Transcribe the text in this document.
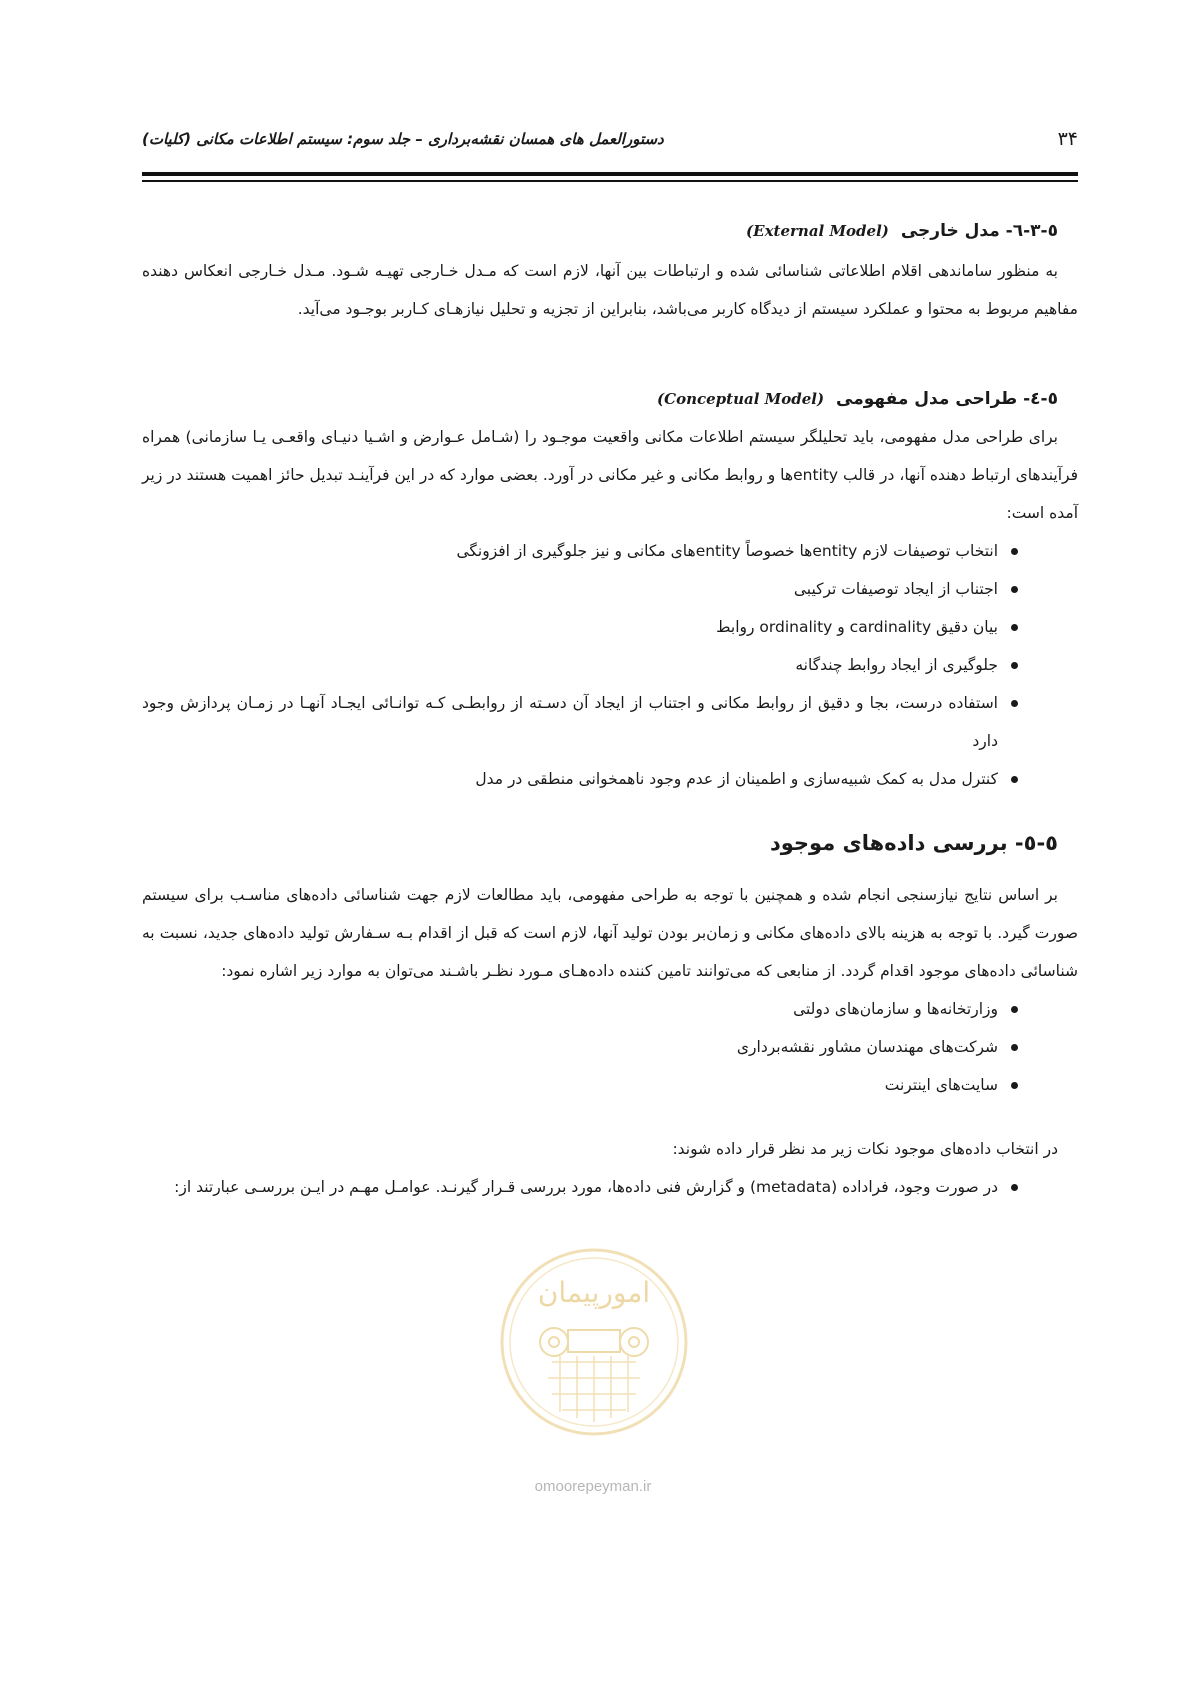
۳۴
دستورالعمل های همسان نقشه‌برداری – جلد سوم: سیستم اطلاعات مکانی (کلیات)
٥-٣-٦- مدل خارجی (External Model)

به منظور ساماندهی اقلام اطلاعاتی شناسائی شده و ارتباطات بین آنها، لازم است که مـدل خـارجی تهیـه شـود. مـدل خـارجی انعکاس دهنده مفاهیم مربوط به محتوا و عملکرد سیستم از دیدگاه کاربر می‌باشد، بنابراین از تجزیه و تحلیل نیازهـای کـاربر بوجـود می‌آید.

٥-٤- طراحی مدل مفهومی (Conceptual Model)

برای طراحی مدل مفهومی، باید تحلیلگر سیستم اطلاعات مکانی واقعیت موجـود را (شـامل عـوارض و اشـیا دنیـای واقعـی یـا سازمانی) همراه فرآیندهای ارتباط دهنده آنها، در قالب entityها و روابط مکانی و غیر مکانی در آورد. بعضی موارد که در این فرآینـد تبدیل حائز اهمیت هستند در زیر آمده است:

انتخاب توصیفات لازم entityها خصوصاً entityهای مکانی و نیز جلوگیری از افزونگی
اجتناب از ایجاد توصیفات ترکیبی
بیان دقیق cardinality و ordinality روابط
جلوگیری از ایجاد روابط چندگانه
استفاده درست، بجا و دقیق از روابط مکانی و اجتناب از ایجاد آن دسـته از روابطـی کـه توانـائی ایجـاد آنهـا در زمـان پردازش وجود دارد
کنترل مدل به کمک شبیه‌سازی و اطمینان از عدم وجود ناهمخوانی منطقی در مدل
٥-٥- بررسی داده‌های موجود

بر اساس نتایج نیازسنجی انجام شده و همچنین با توجه به طراحی مفهومی، باید مطالعات لازم جهت شناسائی داده‌های مناسـب برای سیستم صورت گیرد. با توجه به هزینه بالای داده‌های مکانی و زمان‌بر بودن تولید آنها، لازم است که قبل از اقدام بـه سـفارش تولید داده‌های جدید، نسبت به شناسائی داده‌های موجود اقدام گردد. از منابعی که می‌توانند تامین کننده داده‌هـای مـورد نظـر باشـند می‌توان به موارد زیر اشاره نمود:

وزارتخانه‌ها و سازمان‌های دولتی
شرکت‌های مهندسان مشاور نقشه‌برداری
سایت‌های اینترنت

در انتخاب داده‌های موجود نکات زیر مد نظر قرار داده شوند:

در صورت وجود، فراداده (metadata) و گزارش فنی داده‌ها، مورد بررسی قـرار گیرنـد. عوامـل مهـم در ایـن بررسـی عبارتند از:
امورپیمان
omoorepeyman.ir
